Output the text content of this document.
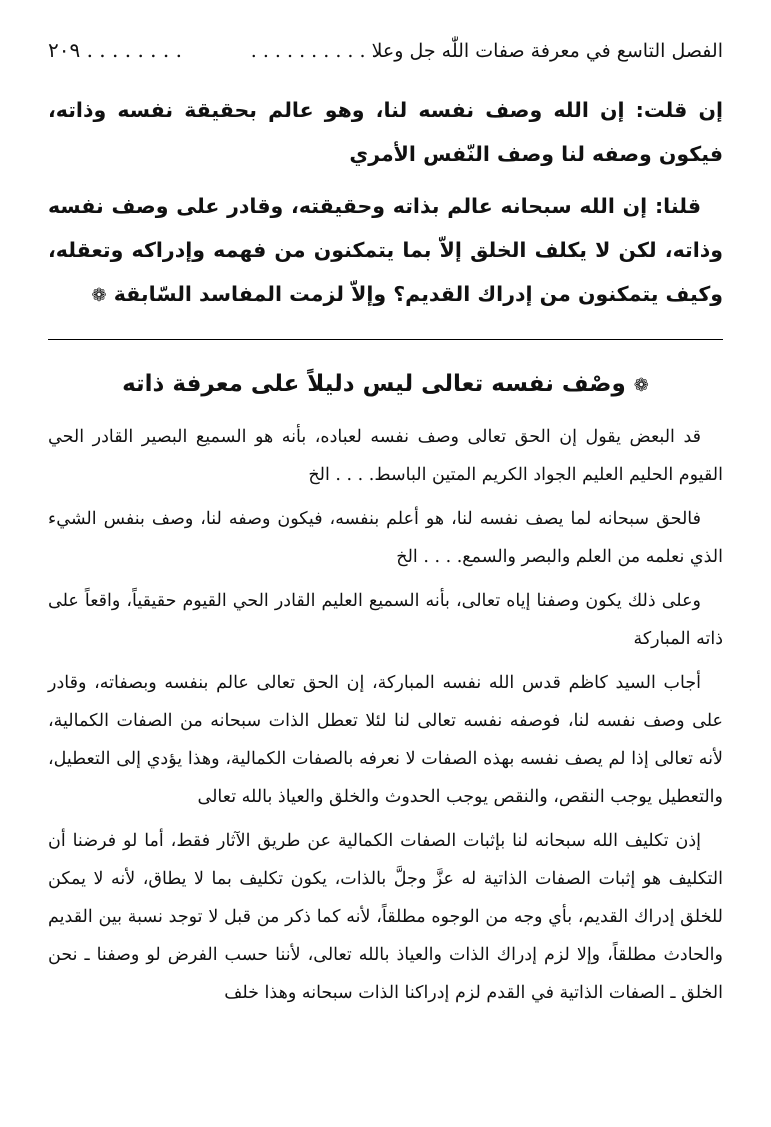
الفصل التاسع في معرفة صفات اللّٰه جل وعلا . . . . . . . . . .
. . . . . . . . ٢٠٩

إن قلت: إن الله وصف نفسه لنا، وهو عالم بحقيقة نفسه وذاته، فيكون وصفه لنا وصف النّفس الأمري

قلنا: إن الله سبحانه عالم بذاته وحقيقته، وقادر على وصف نفسه وذاته، لكن لا يكلف الخلق إلاّ بما يتمكنون من فهمه وإدراكه وتعقله، وكيف يتمكنون من إدراك القديم؟ وإلاّ لزمت المفاسد السّابقة ❁

❁ وصْف نفسه تعالى ليس دليلاً على معرفة ذاته

قد البعض يقول إن الحق تعالى وصف نفسه لعباده، بأنه هو السميع البصير القادر الحي القيوم الحليم العليم الجواد الكريم المتين الباسط. . . . الخ

فالحق سبحانه لما يصف نفسه لنا، هو أعلم بنفسه، فيكون وصفه لنا، وصف بنفس الشيء الذي نعلمه من العلم والبصر والسمع. . . . الخ

وعلى ذلك يكون وصفنا إياه تعالى، بأنه السميع العليم القادر الحي القيوم حقيقياً، واقعاً على ذاته المباركة

أجاب السيد كاظم قدس الله نفسه المباركة، إن الحق تعالى عالم بنفسه وبصفاته، وقادر على وصف نفسه لنا، فوصفه نفسه تعالى لنا لئلا تعطل الذات سبحانه من الصفات الكمالية، لأنه تعالى إذا لم يصف نفسه بهذه الصفات لا نعرفه بالصفات الكمالية، وهذا يؤدي إلى التعطيل، والتعطيل يوجب النقص، والنقص يوجب الحدوث والخلق والعياذ بالله تعالى

إذن تكليف الله سبحانه لنا بإثبات الصفات الكمالية عن طريق الآثار فقط، أما لو فرضنا أن التكليف هو إثبات الصفات الذاتية له عزَّ وجلَّ بالذات، يكون تكليف بما لا يطاق، لأنه لا يمكن للخلق إدراك القديم، بأي وجه من الوجوه مطلقاً، لأنه كما ذكر من قبل لا توجد نسبة بين القديم والحادث مطلقاً، وإلا لزم إدراك الذات والعياذ بالله تعالى، لأننا حسب الفرض لو وصفنا ـ نحن الخلق ـ الصفات الذاتية في القدم لزم إدراكنا الذات سبحانه وهذا خلف
